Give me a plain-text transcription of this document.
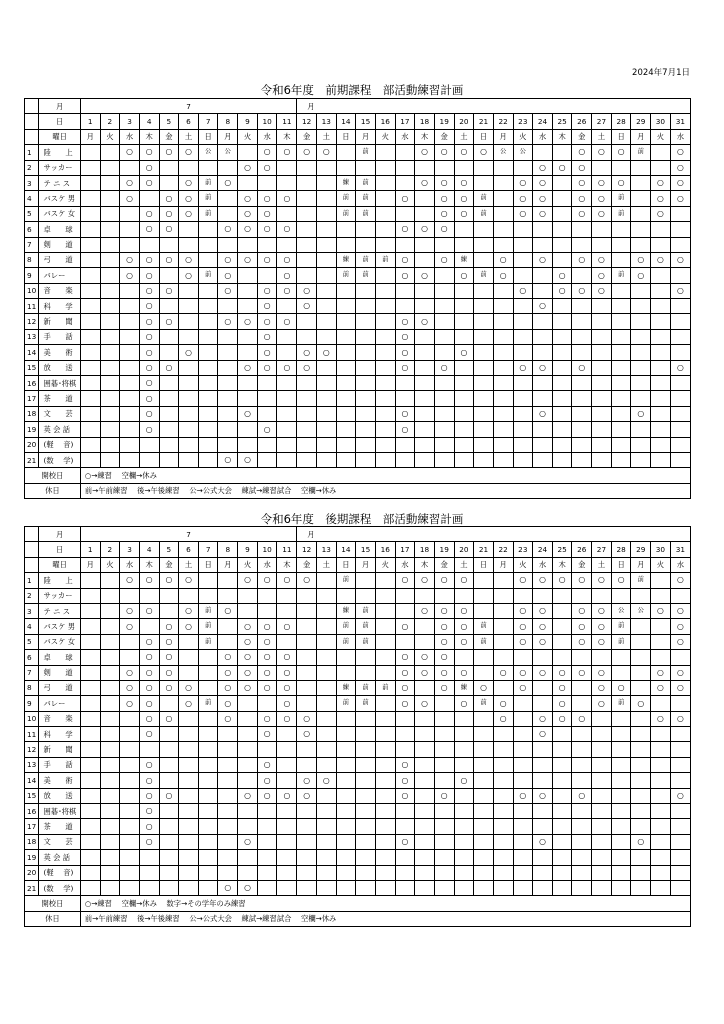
2024年7月1日
令和6年度　前期課程　部活動練習計画
	月	7											月																			
	日	1	2	3	4	5	6	7	8	9	10	11	12	13	14	15	16	17	18	19	20	21	22	23	24	25	26	27	28	29	30	31
	曜日	月	火	水	木	金	土	日	月	火	水	木	金	土	日	月	火	水	木	金	土	日	月	火	水	木	金	土	日	月	火	水
1	陸　　上			○	○	○	○	公	公		○	○	○	○		前			○	○	○	○	公	公			○	○	○	前		○
2	サッカー				○					○	○														○	○	○					○
3	テ ニ ス			○	○		○	前	○						練	前			○	○	○			○	○		○	○	○		○	○
4	バスケ 男			○		○	○	前		○	○	○			前	前		○		○	○	前		○	○		○	○	前		○	○
5	バスケ 女				○	○	○	前		○	○				前	前				○	○	前		○	○		○	○	前		○	
6	卓　　球				○	○			○	○	○	○						○	○	○												
7	剣　　道																															
8	弓　　道			○	○	○	○		○	○	○	○			練	前	前	○		○	練		○		○		○	○		○	○	○
9	バレー			○	○		○	前	○			○			前	前		○	○		○	前	○			○		○	前	○		
10	音　　楽				○	○			○		○	○	○											○		○	○	○				○
11	科　　学				○						○		○												○							
12	新　　聞				○	○			○	○	○	○						○	○													
13	手　　話				○						○							○														
14	美　　術				○		○				○		○	○				○			○											
15	放　　送				○	○				○	○	○	○					○		○				○	○		○					○
16	囲碁･将棋				○																											
17	茶　　道				○																											
18	文　　芸				○					○								○							○					○		
19	英 会 話				○						○							○														
20	(軽　 音)																															
21	(数　 学)								○	○																						
開校日		○→練習　 空欄→休み																														
休日		前→午前練習　 後→午後練習　 公→公式大会　 練試→練習試合　 空欄→休み																														
令和6年度　後期課程　部活動練習計画
	月	7											月																			
	日	1	2	3	4	5	6	7	8	9	10	11	12	13	14	15	16	17	18	19	20	21	22	23	24	25	26	27	28	29	30	31
	曜日	月	火	水	木	金	土	日	月	火	水	木	金	土	日	月	火	水	木	金	土	日	月	火	水	木	金	土	日	月	火	水
1	陸　　上			○	○	○	○			○	○	○	○		前			○	○	○	○			○	○	○	○	○	○	前		○
2	サッカー																															
3	テ ニ ス			○	○		○	前	○						練	前			○	○	○			○	○		○	○	公	公	○	○
4	バスケ 男			○		○	○	前		○	○	○			前	前		○		○	○	前		○	○		○	○	前			○
5	バスケ 女				○	○		前		○	○				前	前				○	○	前		○	○		○	○	前			○
6	卓　　球				○	○			○	○	○	○						○	○	○												
7	剣　　道			○	○	○			○	○	○	○						○	○	○	○		○	○	○	○	○	○			○	○
8	弓　　道			○	○	○	○		○	○	○	○			練	前	前	○		○	練	○		○		○		○	○		○	○
9	バレー			○	○		○	前	○			○			前	前		○	○		○	前	○			○		○	前	○		
10	音　　楽				○	○			○		○	○	○										○		○	○	○				○	○
11	科　　学				○						○		○												○							
12	新　　聞																															
13	手　　話				○						○							○														
14	美　　術				○						○		○	○				○			○											
15	放　　送				○	○				○	○	○	○					○		○				○	○		○					○
16	囲碁･将棋				○																											
17	茶　　道				○																											
18	文　　芸				○					○								○							○					○		
19	英 会 話																															
20	(軽　 音)																															
21	(数　 学)								○	○																						
開校日		○→練習　 空欄→休み　 数字→その学年のみ練習																														
休日		前→午前練習　 後→午後練習　 公→公式大会　 練試→練習試合　 空欄→休み																														
